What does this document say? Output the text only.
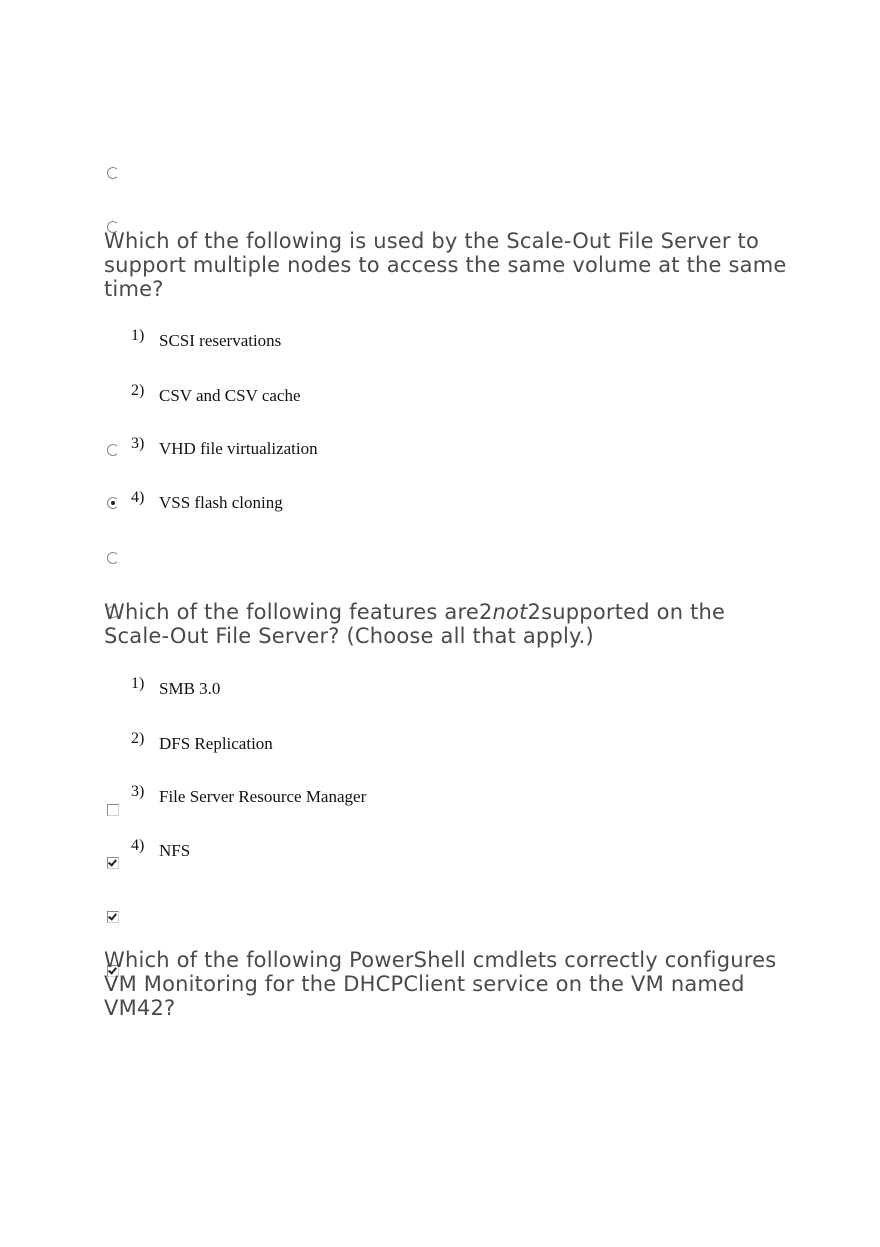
Which of the following is used by the Scale-Out File Server to support multiple nodes to access the same volume at the same time?
1) SCSI reservations
2) CSV and CSV cache
3) VHD file virtualization
4) VSS flash cloning
Which of the following features are2not2supported on the Scale-Out File Server? (Choose all that apply.)
1) SMB 3.0
2) DFS Replication
3) File Server Resource Manager
4) NFS
Which of the following PowerShell cmdlets correctly configures VM Monitoring for the DHCPClient service on the VM named VM42?
